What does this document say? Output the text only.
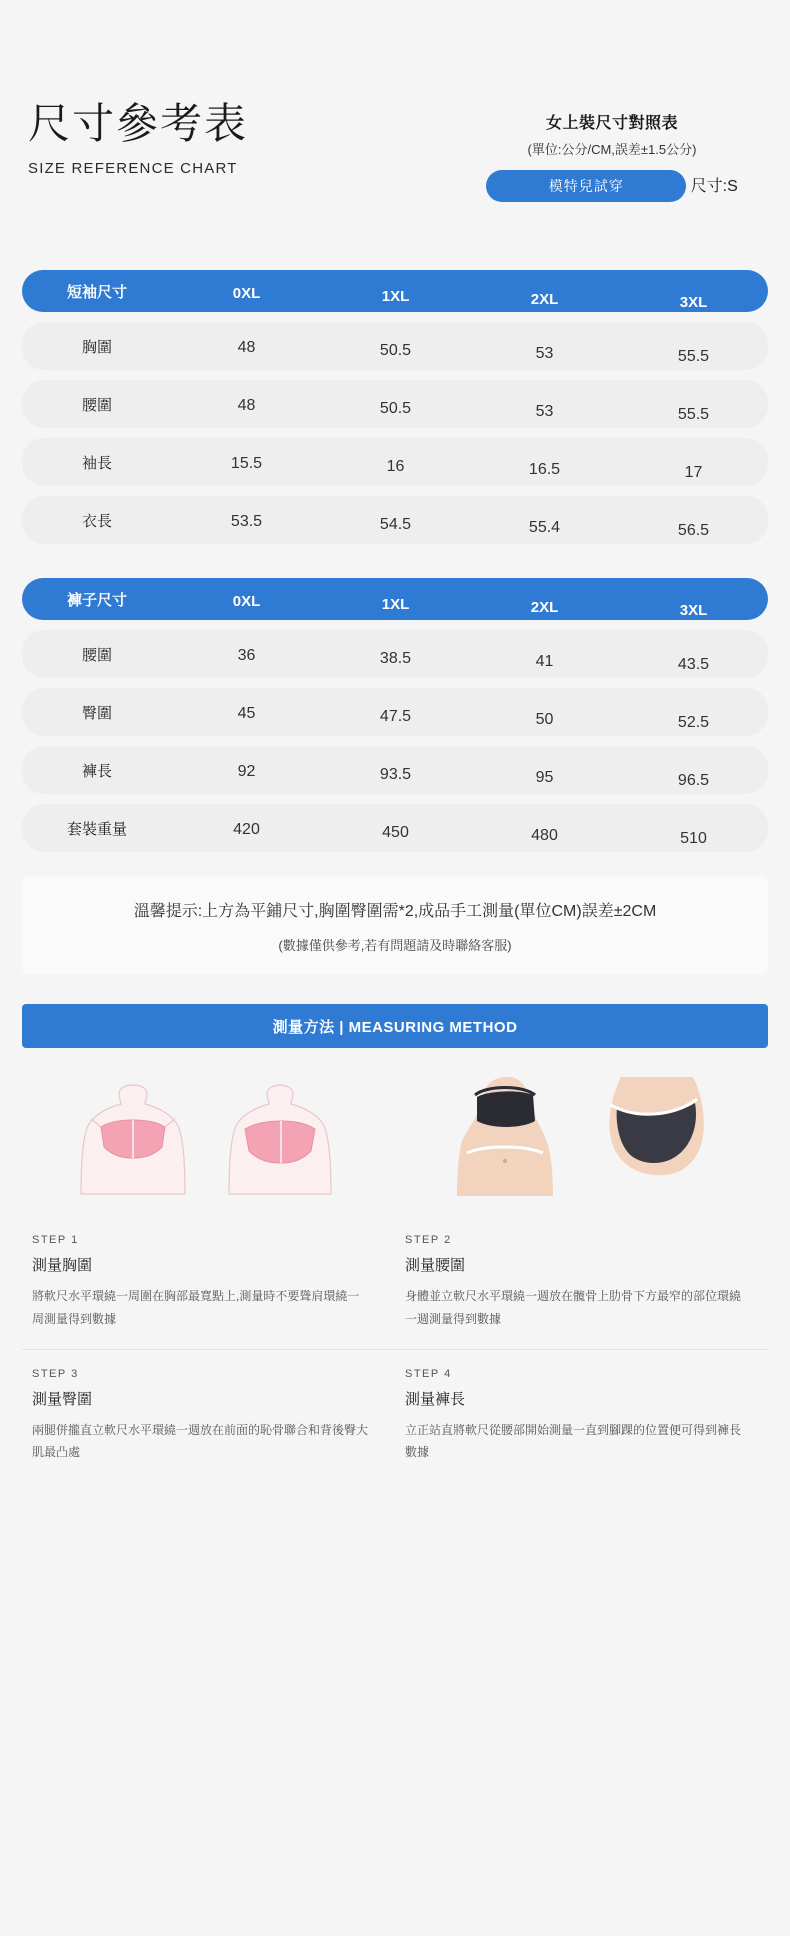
尺寸參考表
SIZE REFERENCE CHART
女上裝尺寸對照表
(單位:公分/CM,誤差±1.5公分)
模特兒試穿	尺寸:S
短袖尺寸	0XL	1XL	2XL	3XL
胸圍	48	50.5	53	55.5
腰圍	48	50.5	53	55.5
袖長	15.5	16	16.5	17
衣長	53.5	54.5	55.4	56.5
褲子尺寸	0XL	1XL	2XL	3XL
腰圍	36	38.5	41	43.5
臀圍	45	47.5	50	52.5
褲長	92	93.5	95	96.5
套裝重量	420	450	480	510
溫馨提示:上方為平鋪尺寸,胸圍臀圍需*2,成品手工測量(單位CM)誤差±2CM
(數據僅供參考,若有問題請及時聯絡客服)
測量方法 | MEASURING METHOD
STEP 1
測量胸圍
將軟尺水平環繞一周圍在胸部最寬點上,測量時不要聳肩環繞一周測量得到數據
STEP 2
測量腰圍
身體並立軟尺水平環繞一週放在髖骨上肋骨下方最窄的部位環繞一週測量得到數據
STEP 3
測量臀圍
兩腿併攏直立軟尺水平環繞一週放在前面的恥骨聯合和背後臀大肌最凸處
STEP 4
測量褲長
立正站直將軟尺從腰部開始測量一直到腳踝的位置便可得到褲長數據
